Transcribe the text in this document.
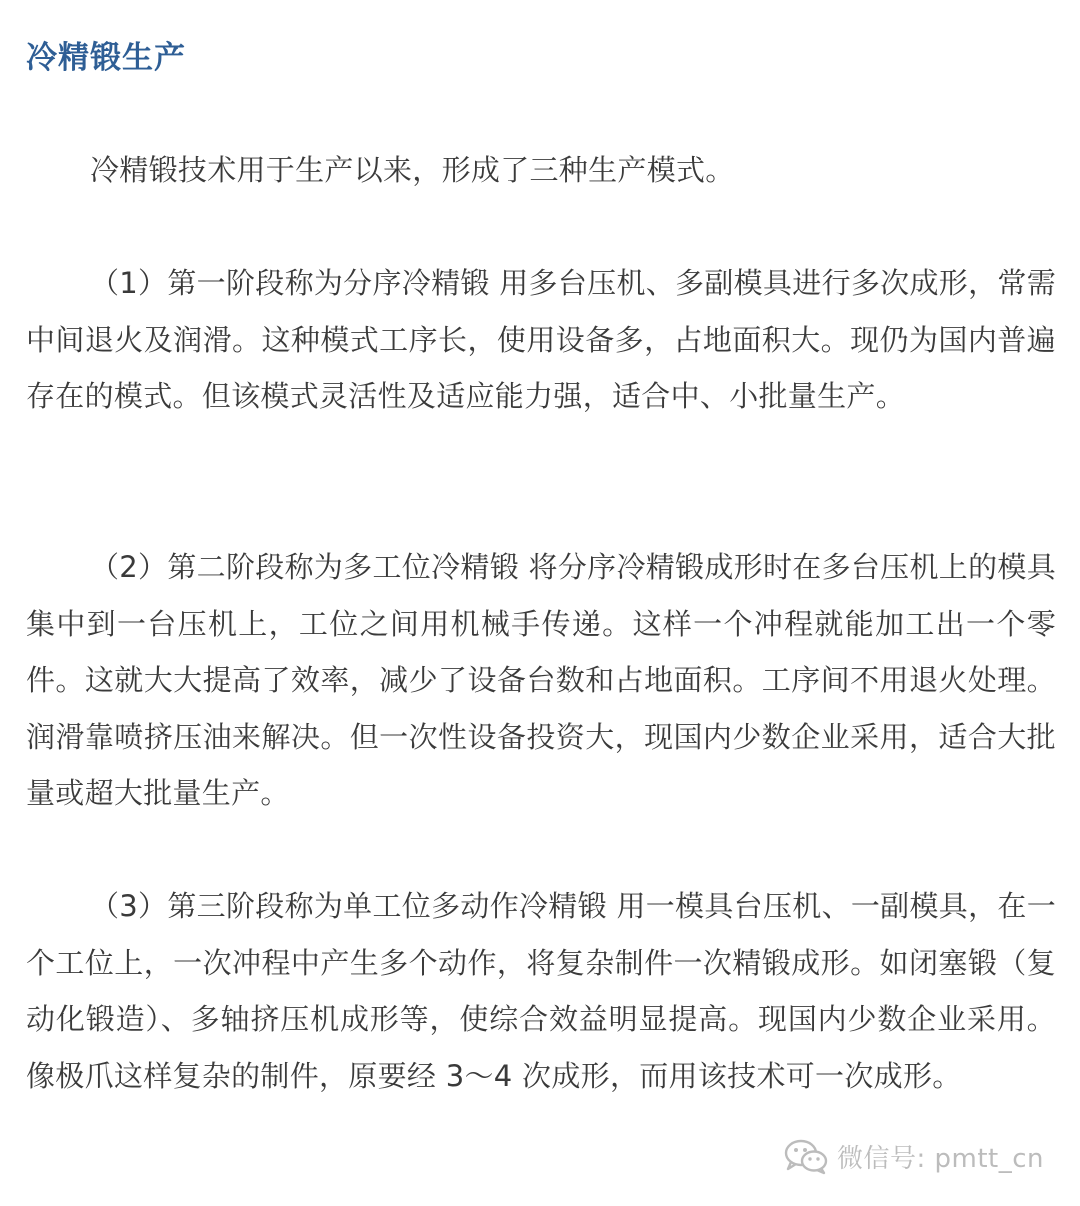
冷精锻生产

冷精锻技术用于生产以来，形成了三种生产模式。

（1）第一阶段称为分序冷精锻 用多台压机、多副模具进行多次成形，常需中间退火及润滑。这种模式工序长，使用设备多，占地面积大。现仍为国内普遍存在的模式。但该模式灵活性及适应能力强，适合中、小批量生产。

（2）第二阶段称为多工位冷精锻 将分序冷精锻成形时在多台压机上的模具集中到一台压机上，工位之间用机械手传递。这样一个冲程就能加工出一个零件。这就大大提高了效率，减少了设备台数和占地面积。工序间不用退火处理。润滑靠喷挤压油来解决。但一次性设备投资大，现国内少数企业采用，适合大批量或超大批量生产。

（3）第三阶段称为单工位多动作冷精锻 用一模具台压机、一副模具，在一个工位上，一次冲程中产生多个动作，将复杂制件一次精锻成形。如闭塞锻（复动化锻造）、多轴挤压机成形等，使综合效益明显提高。现国内少数企业采用。像极爪这样复杂的制件，原要经 3～4 次成形，而用该技术可一次成形。

微信号: pmtt_cn
